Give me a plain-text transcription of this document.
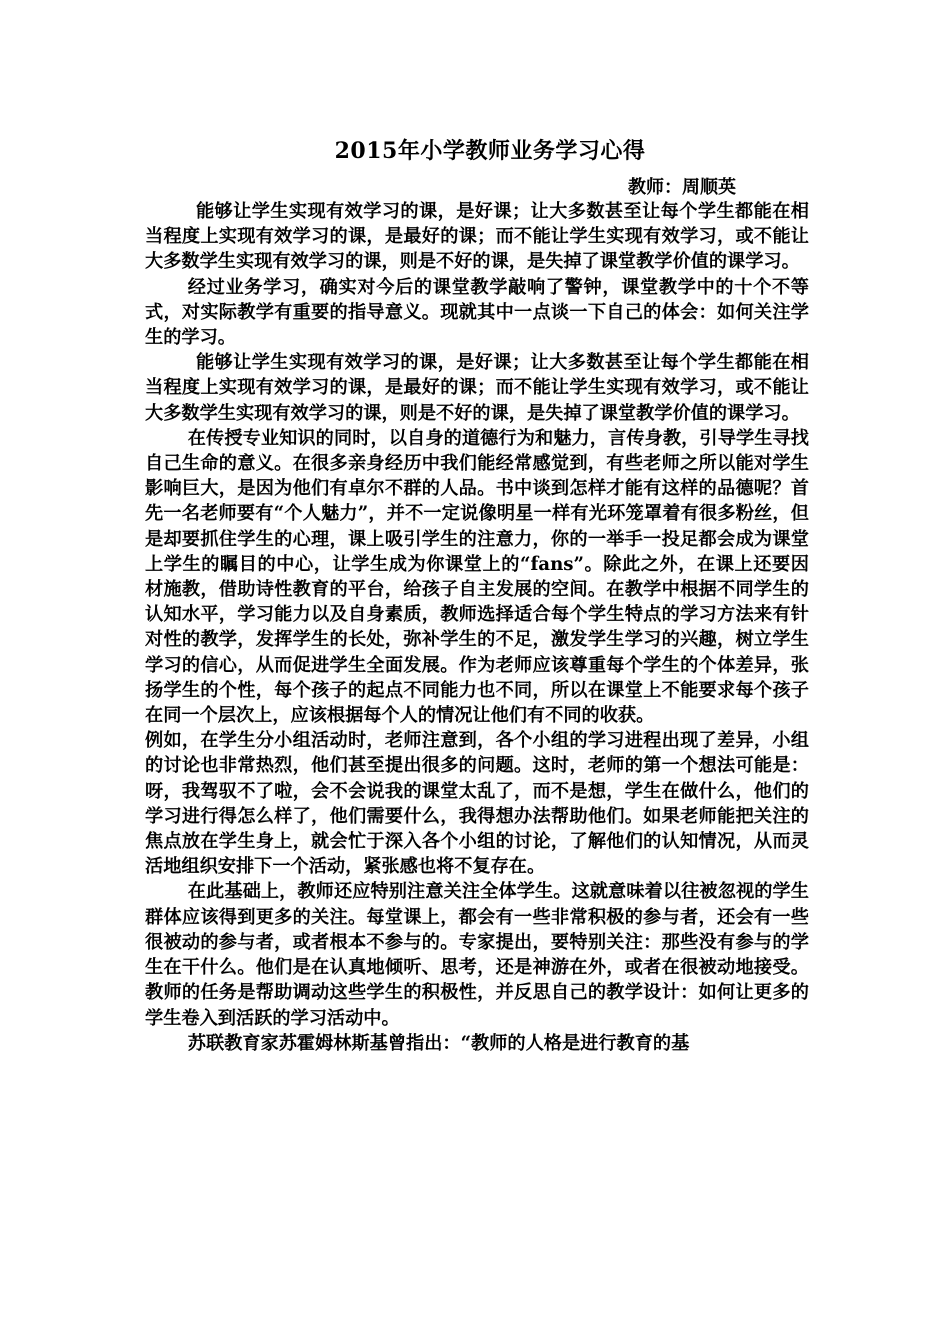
2015年小学教师业务学习心得
教师：周顺英

能够让学生实现有效学习的课，是好课；让大多数甚至让每个学生都能在相当程度上实现有效学习的课，是最好的课；而不能让学生实现有效学习，或不能让大多数学生实现有效学习的课，则是不好的课，是失掉了课堂教学价值的课学习。

经过业务学习，确实对今后的课堂教学敲响了警钟，课堂教学中的十个不等式，对实际教学有重要的指导意义。现就其中一点谈一下自己的体会：如何关注学生的学习。

能够让学生实现有效学习的课，是好课；让大多数甚至让每个学生都能在相当程度上实现有效学习的课，是最好的课；而不能让学生实现有效学习，或不能让大多数学生实现有效学习的课，则是不好的课，是失掉了课堂教学价值的课学习。

在传授专业知识的同时，以自身的道德行为和魅力，言传身教，引导学生寻找自己生命的意义。在很多亲身经历中我们能经常感觉到，有些老师之所以能对学生影响巨大，是因为他们有卓尔不群的人品。书中谈到怎样才能有这样的品德呢？首先一名老师要有“个人魅力”，并不一定说像明星一样有光环笼罩着有很多粉丝，但是却要抓住学生的心理，课上吸引学生的注意力，你的一举手一投足都会成为课堂上学生的瞩目的中心，让学生成为你课堂上的“fans”。除此之外，在课上还要因材施教，借助诗性教育的平台，给孩子自主发展的空间。在教学中根据不同学生的认知水平，学习能力以及自身素质，教师选择适合每个学生特点的学习方法来有针对性的教学，发挥学生的长处，弥补学生的不足，激发学生学习的兴趣，树立学生学习的信心，从而促进学生全面发展。作为老师应该尊重每个学生的个体差异，张扬学生的个性，每个孩子的起点不同能力也不同，所以在课堂上不能要求每个孩子在同一个层次上，应该根据每个人的情况让他们有不同的收获。

例如，在学生分小组活动时，老师注意到，各个小组的学习进程出现了差异，小组的讨论也非常热烈，他们甚至提出很多的问题。这时，老师的第一个想法可能是：呀，我驾驭不了啦，会不会说我的课堂太乱了，而不是想，学生在做什么，他们的学习进行得怎么样了，他们需要什么，我得想办法帮助他们。如果老师能把关注的焦点放在学生身上，就会忙于深入各个小组的讨论，了解他们的认知情况，从而灵活地组织安排下一个活动，紧张感也将不复存在。

在此基础上，教师还应特别注意关注全体学生。这就意味着以往被忽视的学生群体应该得到更多的关注。每堂课上，都会有一些非常积极的参与者，还会有一些很被动的参与者，或者根本不参与的。专家提出，要特别关注：那些没有参与的学生在干什么。他们是在认真地倾听、思考，还是神游在外，或者在很被动地接受。教师的任务是帮助调动这些学生的积极性，并反思自己的教学设计：如何让更多的学生卷入到活跃的学习活动中。

苏联教育家苏霍姆林斯基曾指出：“教师的人格是进行教育的基
